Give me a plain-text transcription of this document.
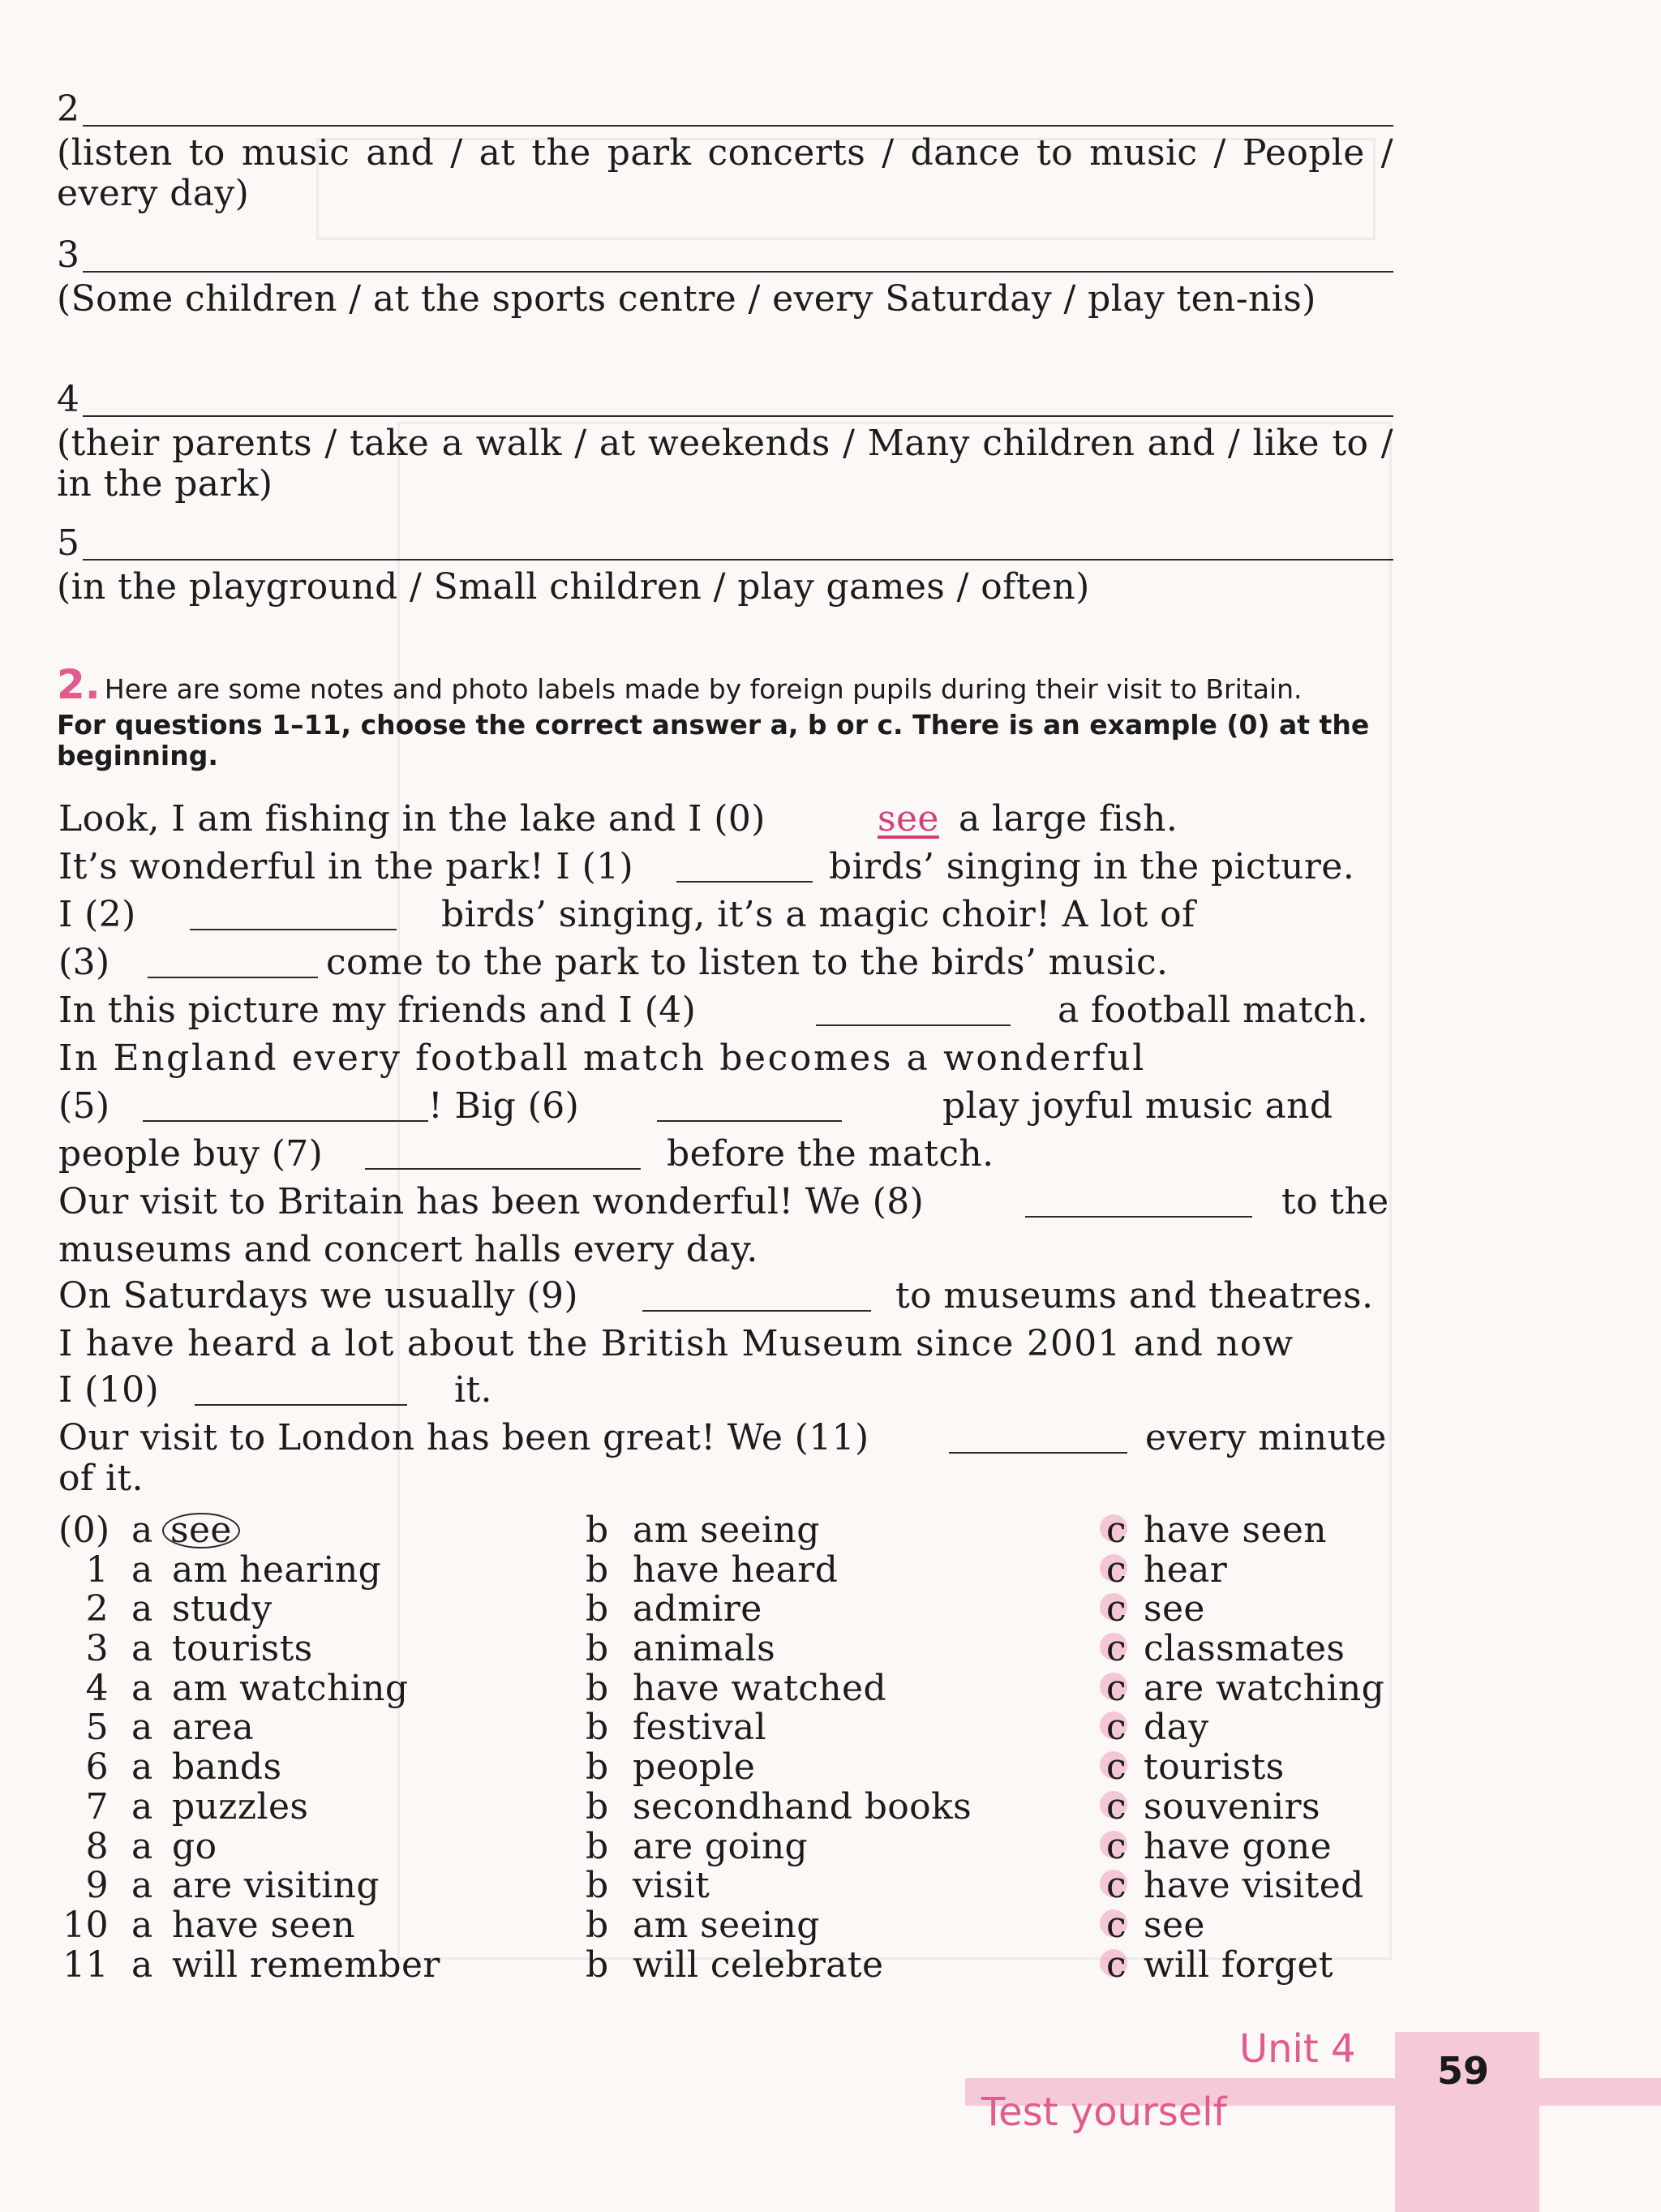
2
(listen to music and / at the park concerts / dance to music / People / every day)
3
(Some children / at the sports centre / every Saturday / play ten-nis)
4
(their parents / take a walk / at weekends / Many children and / like to / in the park)
5
(in the playground / Small children / play games / often)
2. Here are some notes and photo labels made by foreign pupils during their visit to Britain.
For questions 1–11, choose the correct answer a, b or c. There is an example (0) at the beginning.
Look, I am fishing in the lake and I (0)	see a large fish.
It’s wonderful in the park! I (1)	birds’ singing in the picture.
I (2)	birds’ singing, it’s a magic choir! A lot of
(3)	come to the park to listen to the birds’ music.
In this picture my friends and I (4)	a football match.
In England every football match becomes a wonderful
(5)	! Big (6)	play joyful music and
people buy (7)	before the match.
Our visit to Britain has been wonderful! We (8)	to the
museums and concert halls every day.
On Saturdays we usually (9)	to museums and theatres.
I have heard a lot about the British Museum since 2001 and now
I (10)	it.
Our visit to London has been great! We (11)	every minute
of it.
(0) a see	b am seeing	c have seen
1 a am hearing	b have heard	c hear
2 a study	b admire	c see
3 a tourists	b animals	c classmates
4 a am watching	b have watched	c are watching
5 a area	b festival	c day
6 a bands	b people	c tourists
7 a puzzles	b secondhand books	c souvenirs
8 a go	b are going	c have gone
9 a are visiting	b visit	c have visited
10 a have seen	b am seeing	c see
11 a will remember	b will celebrate	c will forget
Unit 4
Test yourself
59
